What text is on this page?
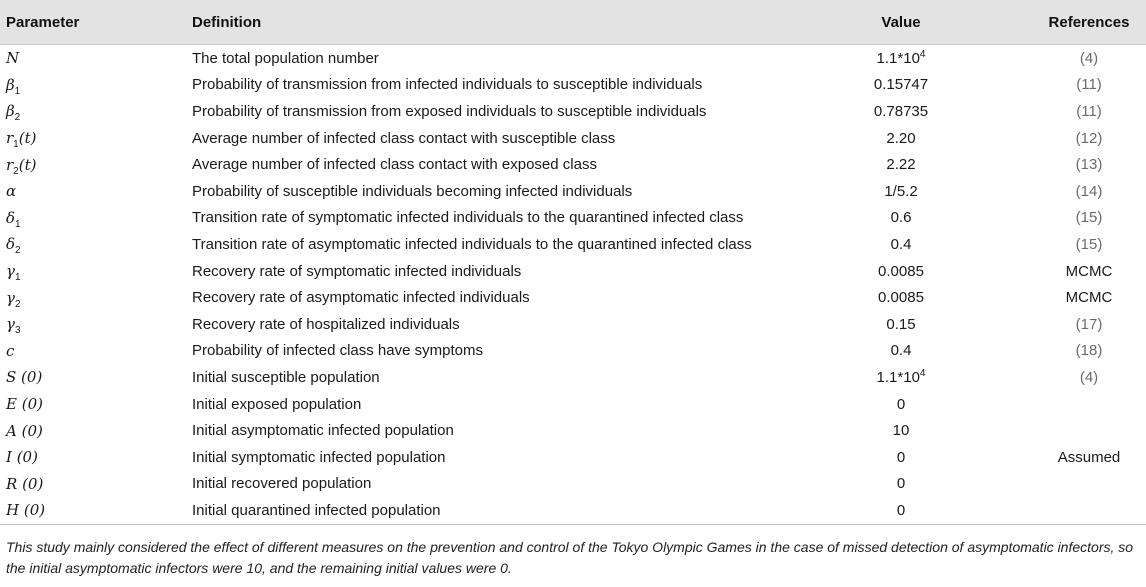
Parameter	Definition	Value	References
N	The total population number	$1.1*10^4$	(4)
$\beta_1$	Probability of transmission from infected individuals to susceptible individuals	0.15747	(11)
$\beta_2$	Probability of transmission from exposed individuals to susceptible individuals	0.78735	(11)
$r_1(t)$	Average number of infected class contact with susceptible class	2.20	(12)
$r_2(t)$	Average number of infected class contact with exposed class	2.22	(13)
α	Probability of susceptible individuals becoming infected individuals	1/5.2	(14)
$\delta_1$	Transition rate of symptomatic infected individuals to the quarantined infected class	0.6	(15)
$\delta_2$	Transition rate of asymptomatic infected individuals to the quarantined infected class	0.4	(15)
$\gamma_1$	Recovery rate of symptomatic infected individuals	0.0085	MCMC
$\gamma_2$	Recovery rate of asymptomatic infected individuals	0.0085	MCMC
$\gamma_3$	Recovery rate of hospitalized individuals	0.15	(17)
c	Probability of infected class have symptoms	0.4	(18)
S (0)	Initial susceptible population	$1.1*10^4$	(4)
E (0)	Initial exposed population	0	
A (0)	Initial asymptomatic infected population	10	
I (0)	Initial symptomatic infected population	0	Assumed
R (0)	Initial recovered population	0	
H (0)	Initial quarantined infected population	0	
This study mainly considered the effect of different measures on the prevention and control of the Tokyo Olympic Games in the case of missed detection of asymptomatic infectors, so the initial asymptomatic infectors were 10, and the remaining initial values were 0.
